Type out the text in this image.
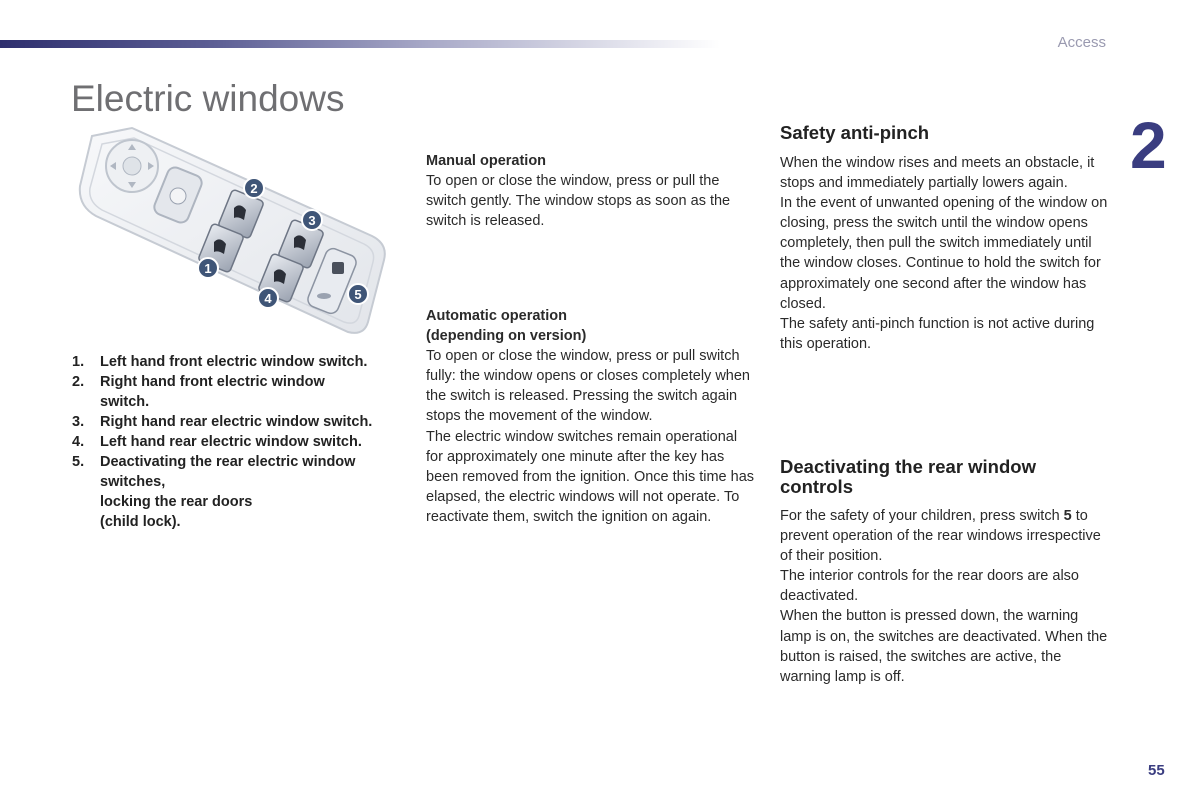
Access
2
Electric windows
2
1
3
4	5
1. Left hand front electric window switch.
2. Right hand front electric window
switch.
3. Right hand rear electric window switch.
4. Left hand rear electric window switch.
5. Deactivating the rear electric window
switches,
locking the rear doors
(child lock).

Manual operation

To open or close the window, press or pull the switch gently. The window stops as soon as the switch is released.

Automatic operation

(depending on version)

To open or close the window, press or pull switch fully: the window opens or closes completely when the switch is released. Pressing the switch again stops the movement of the window.

The electric window switches remain operational for approximately one minute after the key has been removed from the ignition. Once this time has elapsed, the electric windows will not operate. To reactivate them, switch the ignition on again.

Safety anti-pinch

When the window rises and meets an obstacle, it stops and immediately partially lowers again.

In the event of unwanted opening of the window on closing, press the switch until the window opens completely, then pull the switch immediately until the window closes. Continue to hold the switch for approximately one second after the window has closed.

The safety anti-pinch function is not active during this operation.

Deactivating the rear window
controls

For the safety of your children, press switch 5 to prevent operation of the rear windows irrespective of their position.

The interior controls for the rear doors are also deactivated.

When the button is pressed down, the warning lamp is on, the switches are deactivated. When the button is raised, the switches are active, the warning lamp is off.

55
